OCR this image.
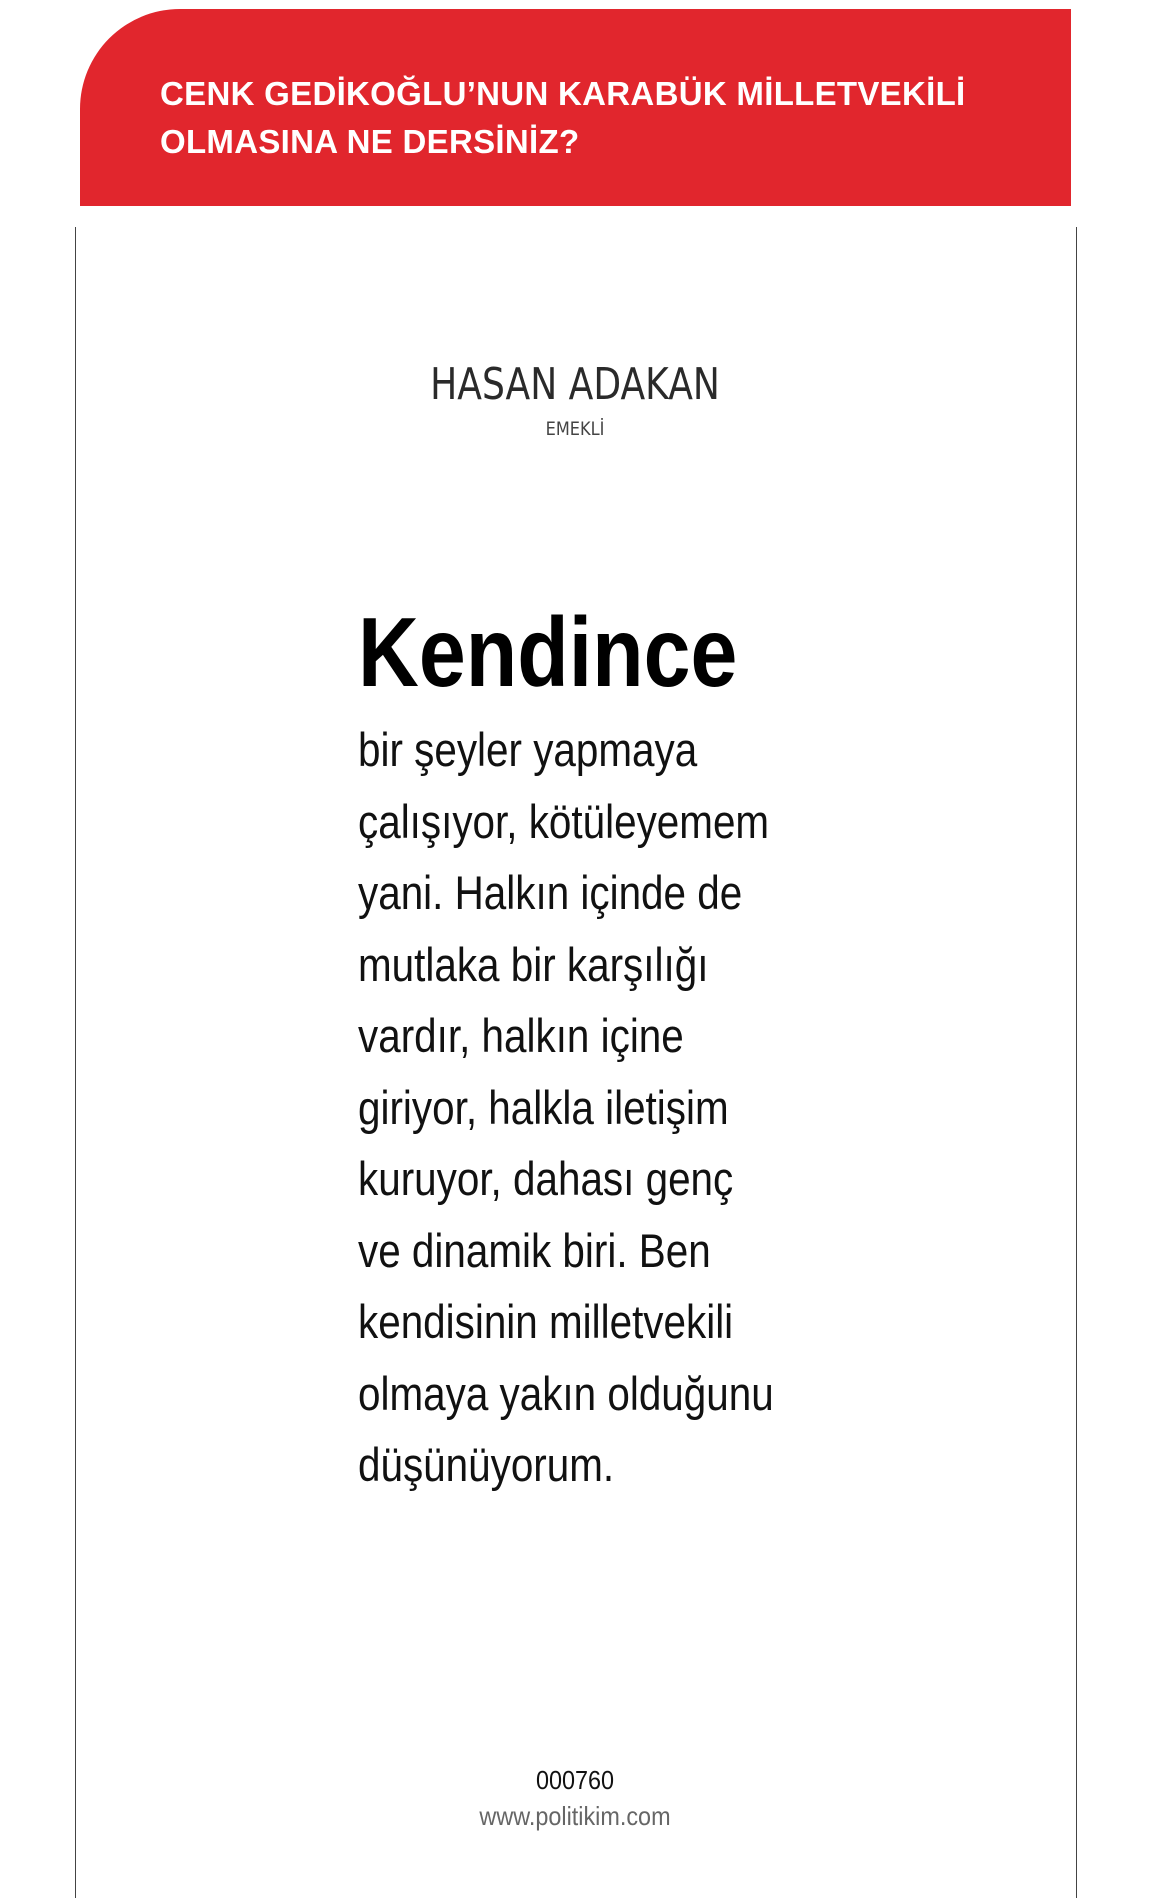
CENK GEDİKOĞLU’NUN KARABÜK MİLLETVEKİLİ
OLMASINA NE DERSİNİZ?

HASAN ADAKAN

EMEKLİ

Kendince

bir şeyler yapmaya
çalışıyor, kötüleyemem
yani. Halkın içinde de
mutlaka bir karşılığı
vardır, halkın içine
giriyor, halkla iletişim
kuruyor, dahası genç
ve dinamik biri. Ben
kendisinin milletvekili
olmaya yakın olduğunu
düşünüyorum.

000760

www.politikim.com
